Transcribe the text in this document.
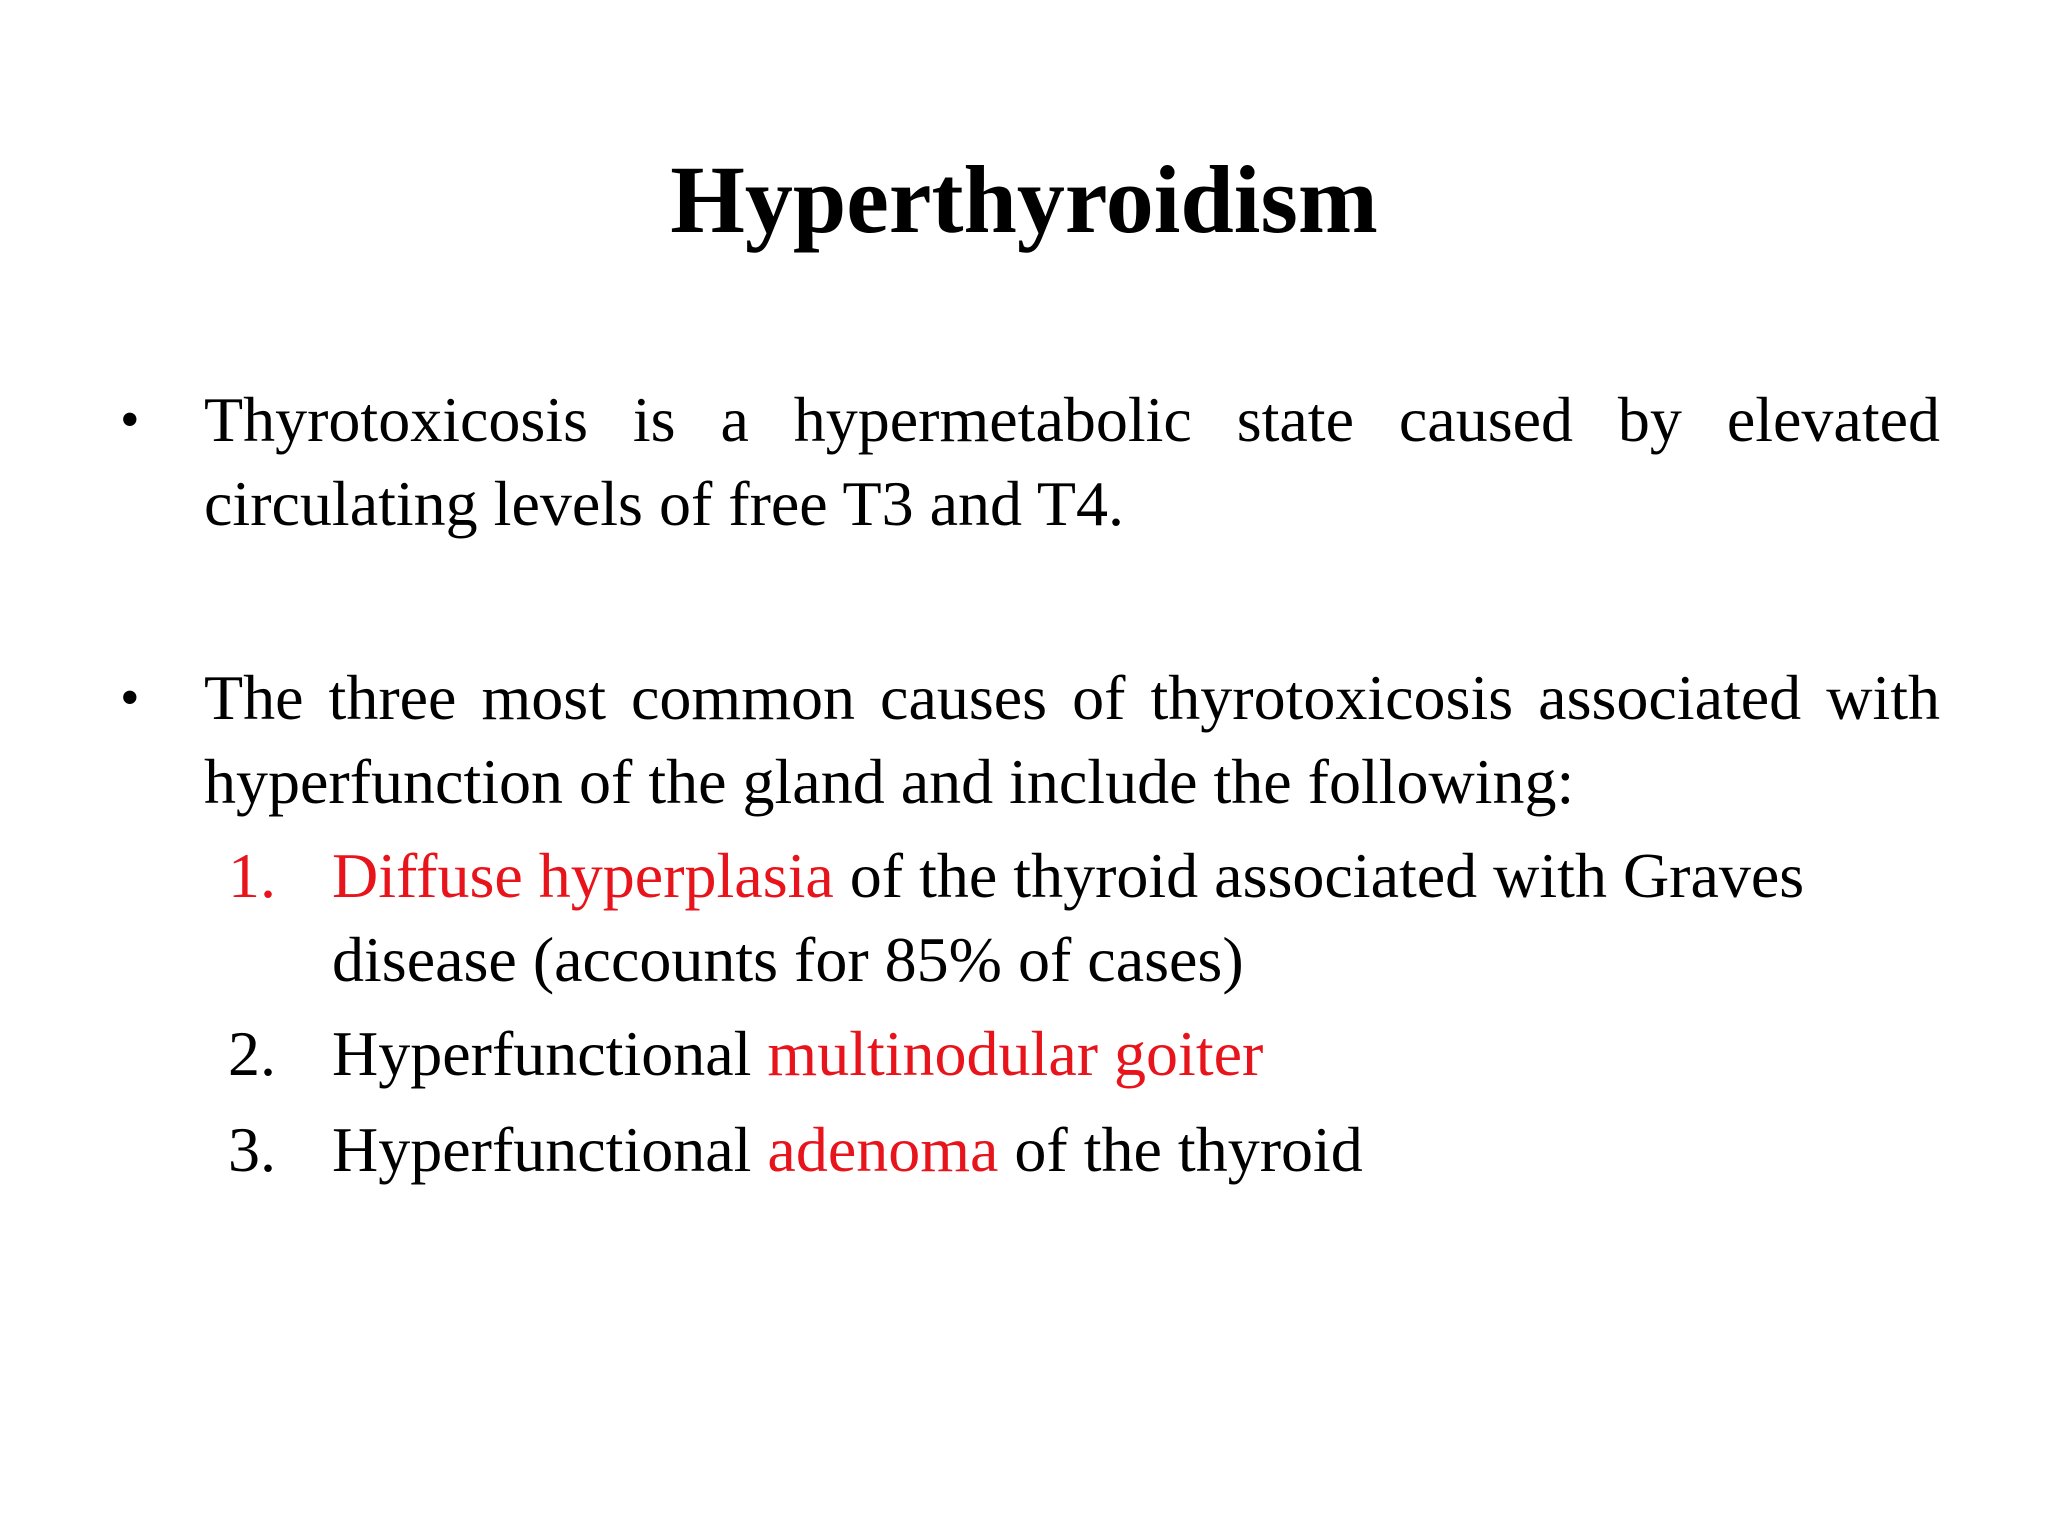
Hyperthyroidism
•	Thyrotoxicosis is a hypermetabolic state caused by elevated circulating levels of free T3 and T4.
•	The three most common causes of thyrotoxicosis associated with hyperfunction of the gland and include the following:
1. Diffuse hyperplasia of the thyroid associated with Graves disease (accounts for 85% of cases)
2. Hyperfunctional multinodular goiter
3. Hyperfunctional adenoma of the thyroid
